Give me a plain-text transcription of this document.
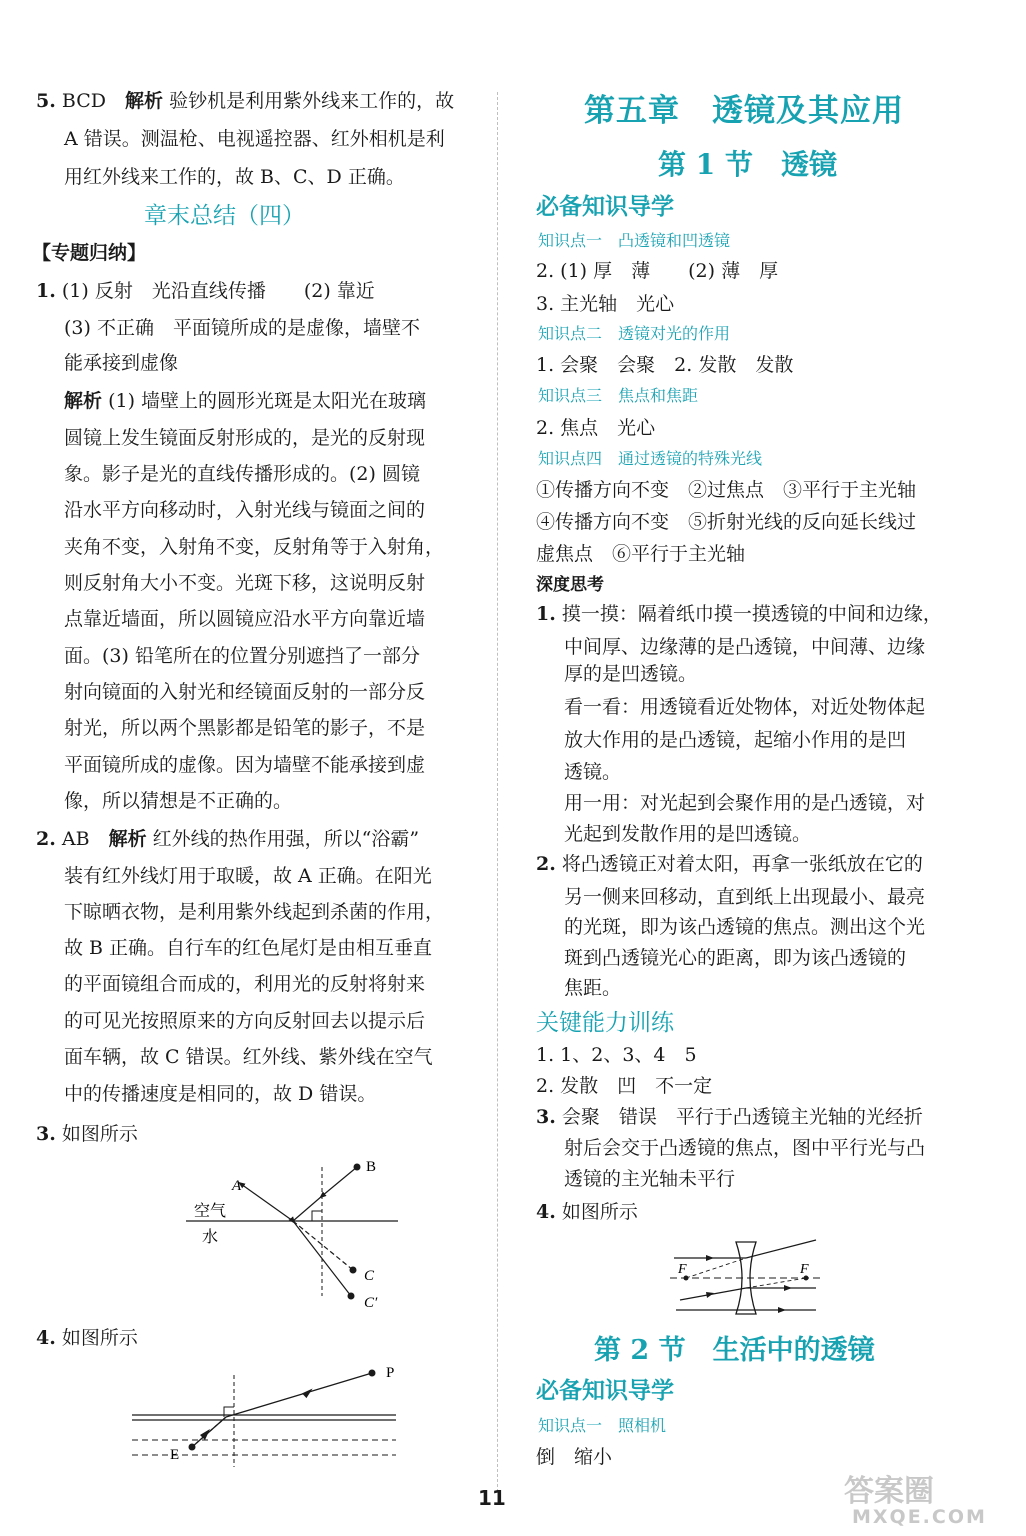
5. BCD　 解析 验钞机是利用紫外线来工作的，故
A 错误。测温枪、电视遥控器、红外相机是利
用红外线来工作的，故 B、C、D 正确。
章末总结（四）
【专题归纳】
1. (1) 反射　光沿直线传播　　(2) 靠近
(3) 不正确　平面镜所成的是虚像，墙壁不
能承接到虚像
解析 (1) 墙壁上的圆形光斑是太阳光在玻璃
圆镜上发生镜面反射形成的，是光的反射现
象。影子是光的直线传播形成的。(2) 圆镜
沿水平方向移动时，入射光线与镜面之间的
夹角不变，入射角不变，反射角等于入射角，
则反射角大小不变。光斑下移，这说明反射
点靠近墙面，所以圆镜应沿水平方向靠近墙
面。(3) 铅笔所在的位置分别遮挡了一部分
射向镜面的入射光和经镜面反射的一部分反
射光，所以两个黑影都是铅笔的影子，不是
平面镜所成的虚像。因为墙壁不能承接到虚
像，所以猜想是不正确的。
2. AB　 解析 红外线的热作用强，所以“浴霸”
装有红外线灯用于取暖，故 A 正确。在阳光
下晾晒衣物，是利用紫外线起到杀菌的作用，
故 B 正确。自行车的红色尾灯是由相互垂直
的平面镜组合而成的，利用光的反射将射来
的可见光按照原来的方向反射回去以提示后
面车辆，故 C 错误。红外线、紫外线在空气
中的传播速度是相同的，故 D 错误。
3. 如图所示
A
B
C
C′
空气
水
4. 如图所示
P
E
第五章　透镜及其应用
第 1 节　透镜
必备知识导学
知识点一　凸透镜和凹透镜
2. (1) 厚　薄　　(2) 薄　厚
3. 主光轴　光心
知识点二　透镜对光的作用
1. 会聚　会聚　2. 发散　发散
知识点三　焦点和焦距
2. 焦点　光心
知识点四　通过透镜的特殊光线
①传播方向不变　②过焦点　③平行于主光轴
④传播方向不变　⑤折射光线的反向延长线过
虚焦点　⑥平行于主光轴
深度思考
1. 摸一摸：隔着纸巾摸一摸透镜的中间和边缘，
中间厚、边缘薄的是凸透镜，中间薄、边缘
厚的是凹透镜。
看一看：用透镜看近处物体，对近处物体起
放大作用的是凸透镜，起缩小作用的是凹
透镜。
用一用：对光起到会聚作用的是凸透镜，对
光起到发散作用的是凹透镜。
2. 将凸透镜正对着太阳，再拿一张纸放在它的
另一侧来回移动，直到纸上出现最小、最亮
的光斑，即为该凸透镜的焦点。测出这个光
斑到凸透镜光心的距离，即为该凸透镜的
焦距。
关键能力训练
1. 1、2、3、4　5
2. 发散　凹　不一定
3. 会聚　错误　平行于凸透镜主光轴的光经折
射后会交于凸透镜的焦点，图中平行光与凸
透镜的主光轴未平行
4. 如图所示
F	F
第 2 节　生活中的透镜
必备知识导学
知识点一　照相机
倒　缩小
11	答案圈
MXQE.COM
